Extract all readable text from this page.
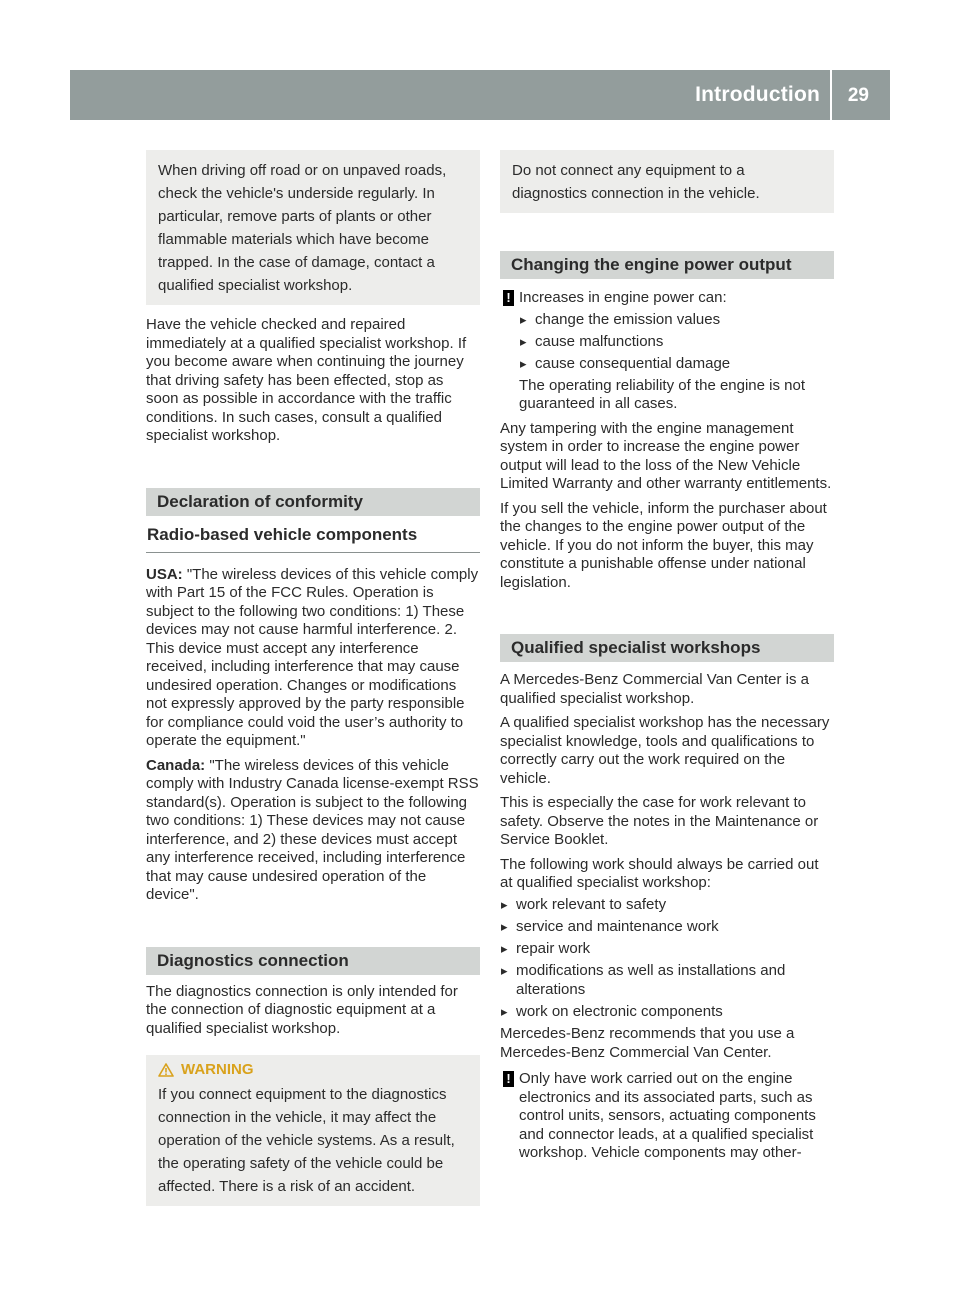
Introduction 29

When driving off road or on unpaved roads, check the vehicle's underside regularly. In particular, remove parts of plants or other flammable materials which have become trapped. In the case of damage, contact a qualified specialist workshop.

Have the vehicle checked and repaired immediately at a qualified specialist workshop. If you become aware when continuing the journey that driving safety has been effected, stop as soon as possible in accordance with the traffic conditions. In such cases, consult a qualified specialist workshop.

Declaration of conformity
Radio-based vehicle components

USA: "The wireless devices of this vehicle comply with Part 15 of the FCC Rules. Operation is subject to the following two conditions: 1) These devices may not cause harmful interference. 2. This device must accept any interference received, including interference that may cause undesired operation. Changes or modifications not expressly approved by the party responsible for compliance could void the user’s authority to operate the equipment."

Canada: "The wireless devices of this vehicle comply with Industry Canada license-exempt RSS standard(s). Operation is subject to the following two conditions: 1) These devices may not cause interference, and 2) these devices must accept any interference received, including interference that may cause undesired operation of the device".

Diagnostics connection

The diagnostics connection is only intended for the connection of diagnostic equipment at a qualified specialist workshop.

WARNING

If you connect equipment to the diagnostics connection in the vehicle, it may affect the operation of the vehicle systems. As a result, the operating safety of the vehicle could be affected. There is a risk of an accident.

Do not connect any equipment to a diagnostics connection in the vehicle.

Changing the engine power output
! Increases in engine power can:

▸ change the emission values
▸ cause malfunctions
▸ cause consequential damage

The operating reliability of the engine is not guaranteed in all cases.

Any tampering with the engine management system in order to increase the engine power output will lead to the loss of the New Vehicle Limited Warranty and other warranty entitlements.

If you sell the vehicle, inform the purchaser about the changes to the engine power output of the vehicle. If you do not inform the buyer, this may constitute a punishable offense under national legislation.

Qualified specialist workshops

A Mercedes-Benz Commercial Van Center is a qualified specialist workshop.

A qualified specialist workshop has the necessary specialist knowledge, tools and qualifications to correctly carry out the work required on the vehicle.

This is especially the case for work relevant to safety. Observe the notes in the Maintenance or Service Booklet.

The following work should always be carried out at qualified specialist workshop:

▸ work relevant to safety
▸ service and maintenance work
▸ repair work
▸ modifications as well as installations and alterations
▸ work on electronic components

Mercedes-Benz recommends that you use a Mercedes-Benz Commercial Van Center.

! Only have work carried out on the engine electronics and its associated parts, such as control units, sensors, actuating components and connector leads, at a qualified specialist workshop. Vehicle components may other-
